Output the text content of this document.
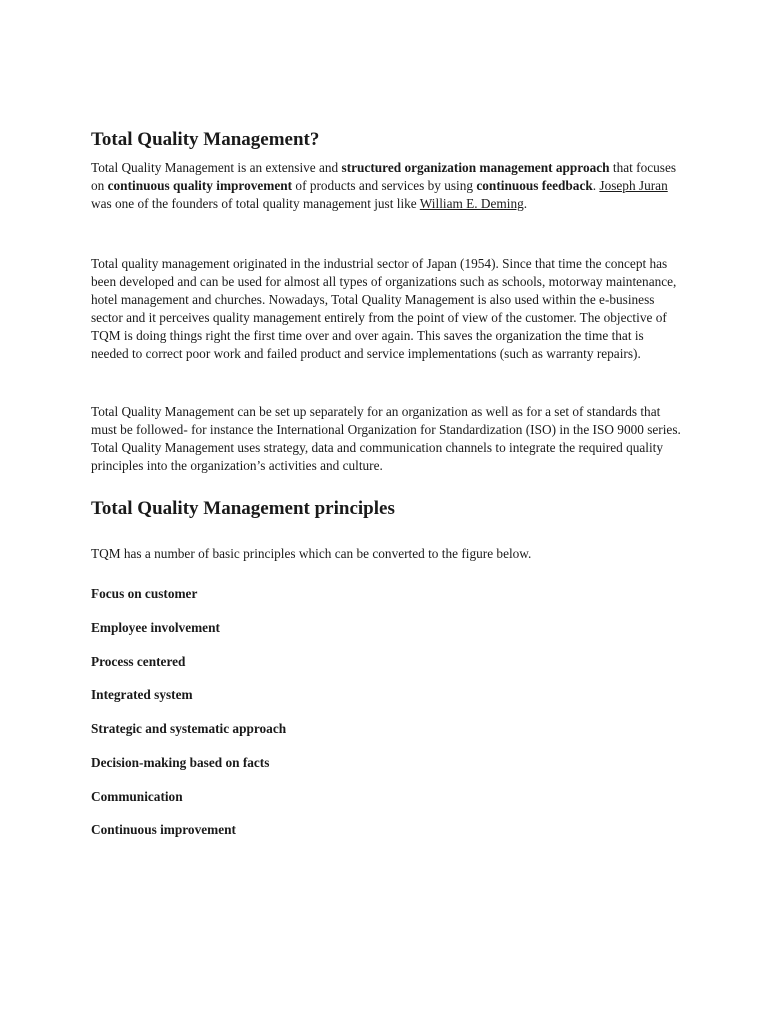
Total Quality Management?

Total Quality Management is an extensive and structured organization management approach that focuses on continuous quality improvement of products and services by using continuous feedback. Joseph Juran was one of the founders of total quality management just like William E. Deming.

Total quality management originated in the industrial sector of Japan (1954). Since that time the concept has been developed and can be used for almost all types of organizations such as schools, motorway maintenance, hotel management and churches. Nowadays, Total Quality Management is also used within the e-business sector and it perceives quality management entirely from the point of view of the customer. The objective of TQM is doing things right the first time over and over again. This saves the organization the time that is needed to correct poor work and failed product and service implementations (such as warranty repairs).

Total Quality Management can be set up separately for an organization as well as for a set of standards that must be followed- for instance the International Organization for Standardization (ISO) in the ISO 9000 series. Total Quality Management uses strategy, data and communication channels to integrate the required quality principles into the organization’s activities and culture.

Total Quality Management principles

TQM has a number of basic principles which can be converted to the figure below.

Focus on customer

Employee involvement

Process centered

Integrated system

Strategic and systematic approach

Decision-making based on facts

Communication

Continuous improvement
